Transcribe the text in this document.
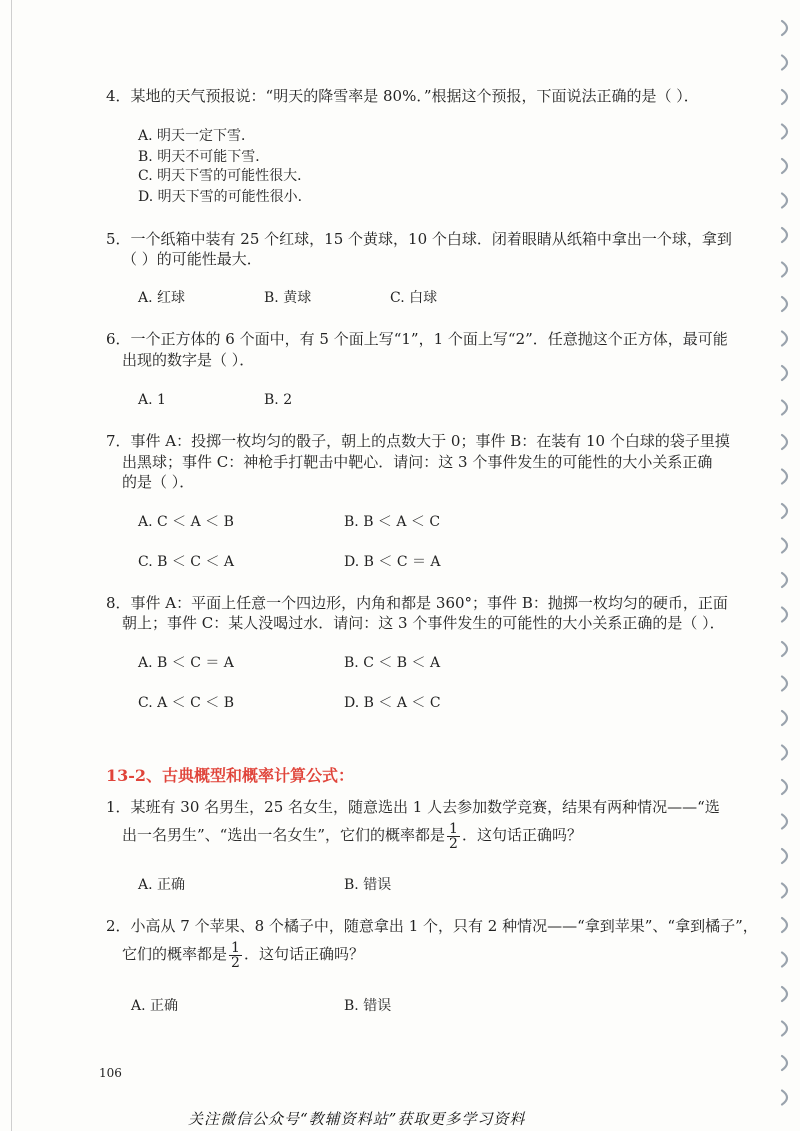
4．某地的天气预报说：“明天的降雪率是 80%．”根据这个预报，下面说法正确的是（ ）．
A. 明天一定下雪．
B. 明天不可能下雪．
C. 明天下雪的可能性很大．
D. 明天下雪的可能性很小．
5．一个纸箱中装有 25 个红球，15 个黄球，10 个白球．闭着眼睛从纸箱中拿出一个球，拿到
（ ）的可能性最大．
A. 红球	B. 黄球	C. 白球
6．一个正方体的 6 个面中，有 5 个面上写“1”，1 个面上写“2”．任意抛这个正方体，最可能
出现的数字是（ ）．
A. 1	B. 2
7．事件 A：投掷一枚均匀的骰子，朝上的点数大于 0；事件 B：在装有 10 个白球的袋子里摸
出黑球；事件 C：神枪手打靶击中靶心．请问：这 3 个事件发生的可能性的大小关系正确
的是（ ）．
A. C ＜ A ＜ B	B. B ＜ A ＜ C
C. B ＜ C ＜ A	D. B ＜ C ＝ A
8．事件 A：平面上任意一个四边形，内角和都是 360°；事件 B：抛掷一枚均匀的硬币，正面
朝上；事件 C：某人没喝过水．请问：这 3 个事件发生的可能性的大小关系正确的是（ ）．
A. B ＜ C ＝ A	B. C ＜ B ＜ A
C. A ＜ C ＜ B	D. B ＜ A ＜ C
13-2、古典概型和概率计算公式：
1．某班有 30 名男生，25 名女生，随意选出 1 人去参加数学竞赛，结果有两种情况——“选
出一名男生”、“选出一名女生”，它们的概率都是 $\frac{1}{2}$ ．这句话正确吗？
A. 正确	B. 错误
2．小高从 7 个苹果、8 个橘子中，随意拿出 1 个，只有 2 种情况——“拿到苹果”、“拿到橘子”，
它们的概率都是 $\frac{1}{2}$ ．这句话正确吗？
A. 正确	B. 错误
106
关注微信公众号“教辅资料站”获取更多学习资料
